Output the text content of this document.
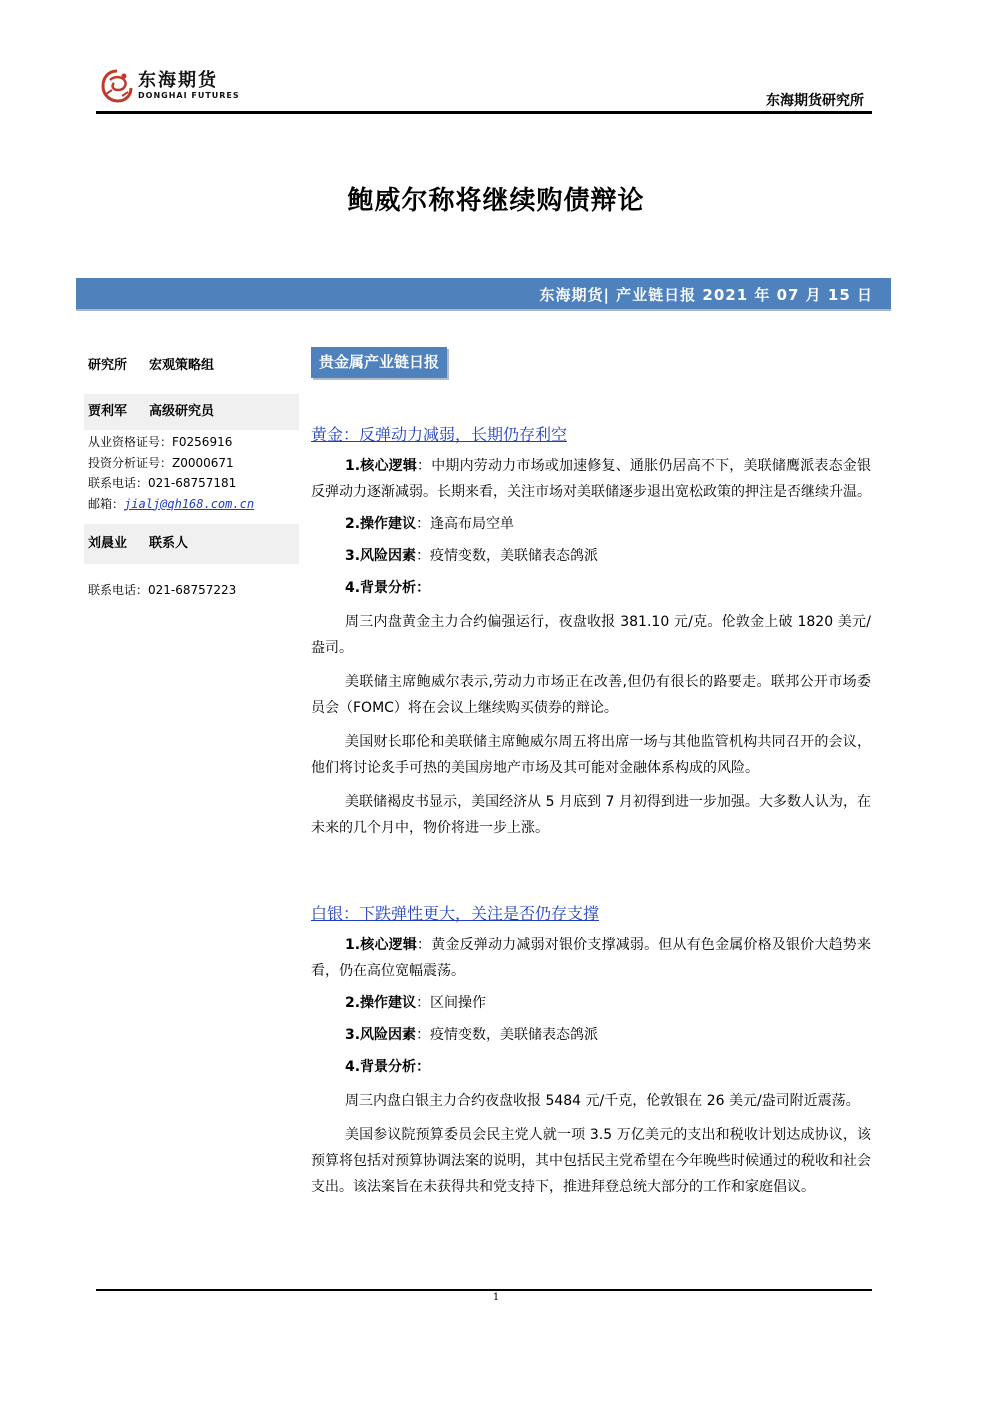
东海期货
DONGHAI FUTURES	东海期货研究所
鲍威尔称将继续购债辩论
东海期货| 产业链日报 2021 年 07 月 15 日
研究所 宏观策略组
贾利军 高级研究员
从业资格证号：F0256916
投资分析证号：Z0000671
联系电话：021-68757181
邮箱：jialj@qh168.com.cn
刘晨业 联系人
联系电话：021-68757223
贵金属产业链日报
黄金：反弹动力减弱，长期仍存利空
1.核心逻辑：中期内劳动力市场或加速修复、通胀仍居高不下，美联储鹰派表态金银反弹动力逐渐减弱。长期来看，关注市场对美联储逐步退出宽松政策的押注是否继续升温。
2.操作建议：逢高布局空单
3.风险因素：疫情变数，美联储表态鸽派
4.背景分析：
周三内盘黄金主力合约偏强运行，夜盘收报 381.10 元/克。伦敦金上破 1820 美元/盎司。
美联储主席鲍威尔表示,劳动力市场正在改善,但仍有很长的路要走。联邦公开市场委员会（FOMC）将在会议上继续购买债券的辩论。
美国财长耶伦和美联储主席鲍威尔周五将出席一场与其他监管机构共同召开的会议，他们将讨论炙手可热的美国房地产市场及其可能对金融体系构成的风险。
美联储褐皮书显示，美国经济从 5 月底到 7 月初得到进一步加强。大多数人认为，在未来的几个月中，物价将进一步上涨。
白银：下跌弹性更大，关注是否仍存支撑
1.核心逻辑：黄金反弹动力减弱对银价支撑减弱。但从有色金属价格及银价大趋势来看，仍在高位宽幅震荡。
2.操作建议：区间操作
3.风险因素：疫情变数，美联储表态鸽派
4.背景分析：
周三内盘白银主力合约夜盘收报 5484 元/千克，伦敦银在 26 美元/盎司附近震荡。
美国参议院预算委员会民主党人就一项 3.5 万亿美元的支出和税收计划达成协议，该预算将包括对预算协调法案的说明，其中包括民主党希望在今年晚些时候通过的税收和社会支出。该法案旨在未获得共和党支持下，推进拜登总统大部分的工作和家庭倡议。
1
